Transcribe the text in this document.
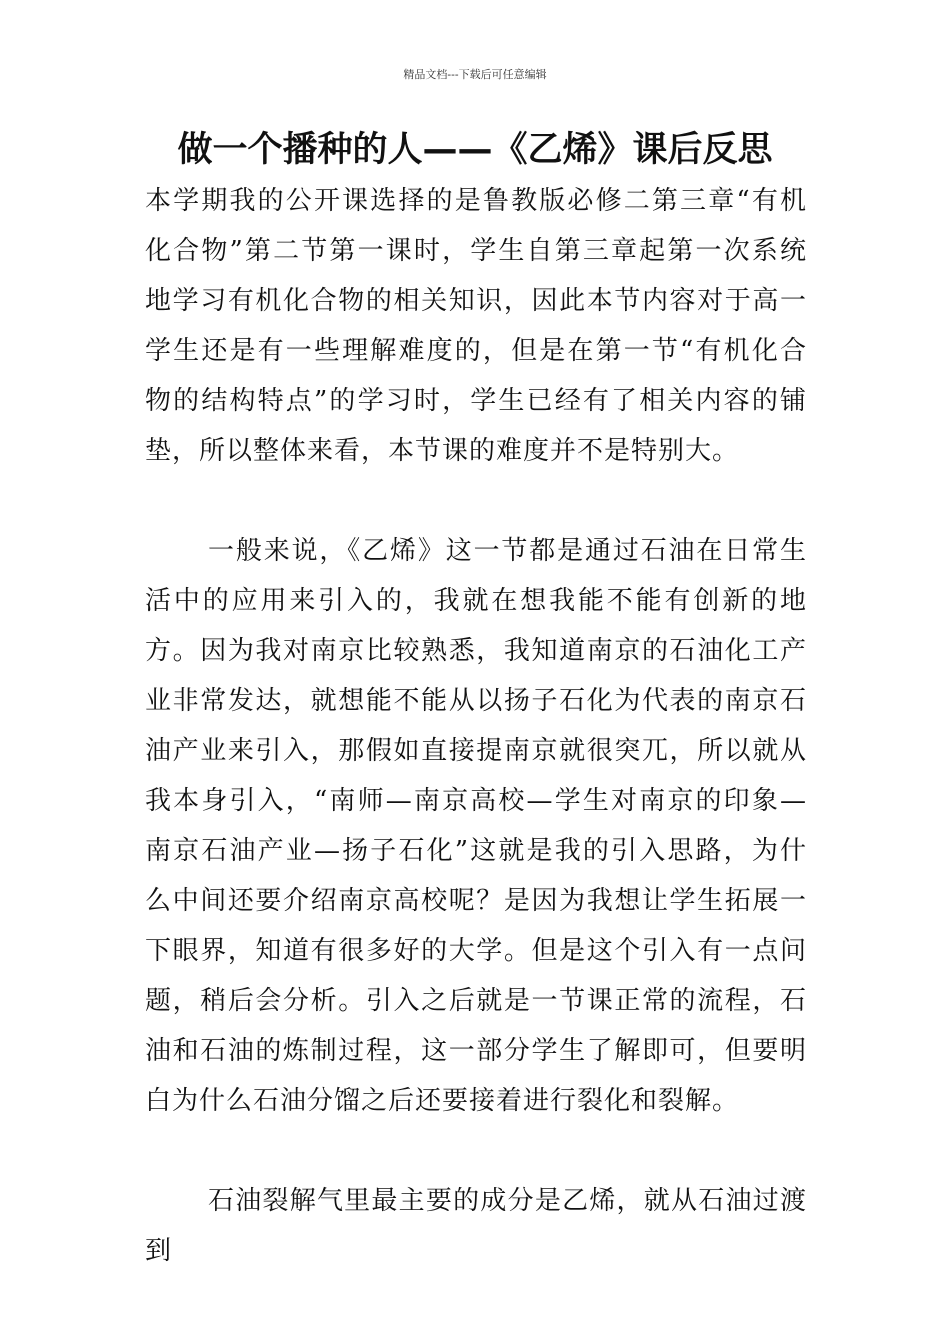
精品文档---下载后可任意编辑
做一个播种的人——《乙烯》课后反思

本学期我的公开课选择的是鲁教版必修二第三章“有机化合物”第二节第一课时，学生自第三章起第一次系统地学习有机化合物的相关知识，因此本节内容对于高一学生还是有一些理解难度的，但是在第一节“有机化合物的结构特点”的学习时，学生已经有了相关内容的铺垫，所以整体来看，本节课的难度并不是特别大。

一般来说，《乙烯》这一节都是通过石油在日常生活中的应用来引入的，我就在想我能不能有创新的地方。因为我对南京比较熟悉，我知道南京的石油化工产业非常发达，就想能不能从以扬子石化为代表的南京石油产业来引入，那假如直接提南京就很突兀，所以就从我本身引入，“南师—南京高校—学生对南京的印象—南京石油产业—扬子石化”这就是我的引入思路，为什么中间还要介绍南京高校呢？是因为我想让学生拓展一下眼界，知道有很多好的大学。但是这个引入有一点问题，稍后会分析。引入之后就是一节课正常的流程，石油和石油的炼制过程，这一部分学生了解即可，但要明白为什么石油分馏之后还要接着进行裂化和裂解。

石油裂解气里最主要的成分是乙烯，就从石油过渡到
